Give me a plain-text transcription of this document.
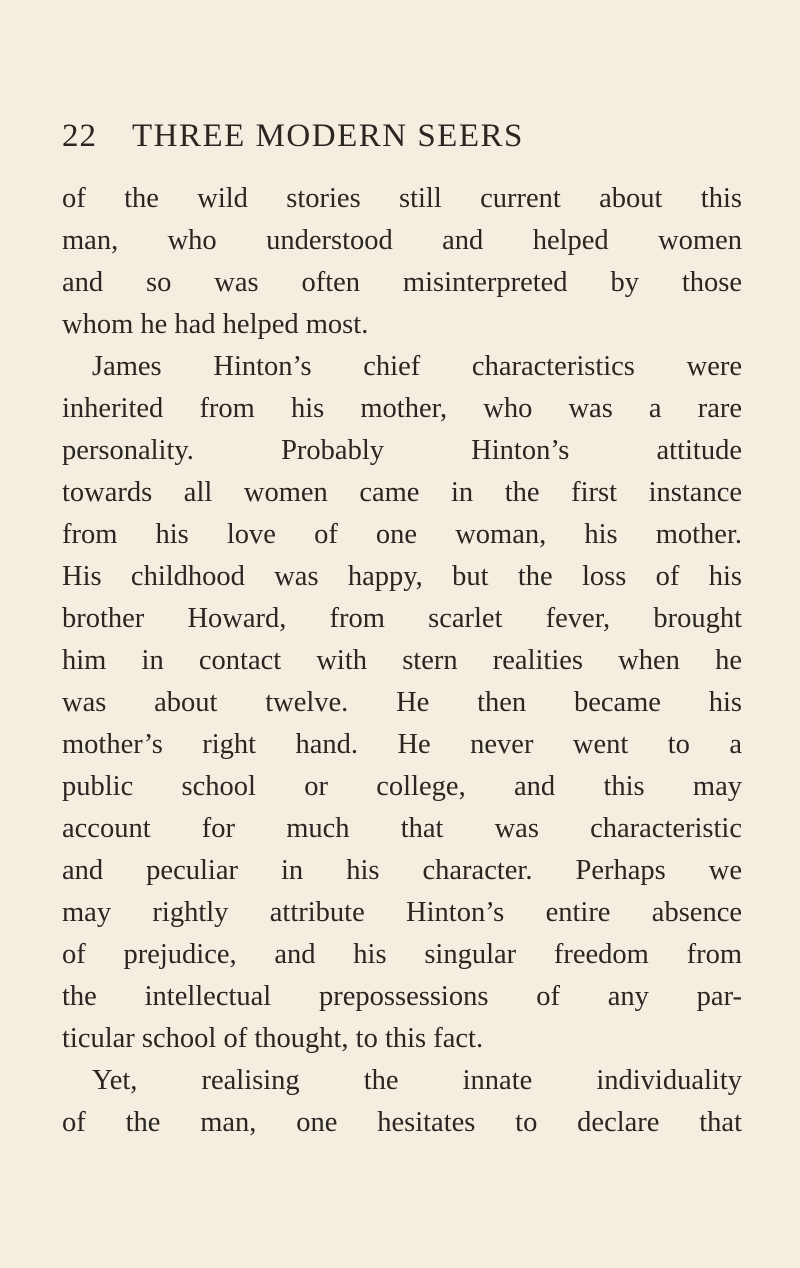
22	THREE MODERN SEERS
of the wild stories still current about this
man, who understood and helped women
and so was often misinterpreted by those
whom he had helped most.
James Hinton’s chief characteristics were
inherited from his mother, who was a rare
personality. Probably Hinton’s attitude
towards all women came in the first instance
from his love of one woman, his mother.
His childhood was happy, but the loss of his
brother Howard, from scarlet fever, brought
him in contact with stern realities when he
was about twelve. He then became his
mother’s right hand. He never went to a
public school or college, and this may
account for much that was characteristic
and peculiar in his character. Perhaps we
may rightly attribute Hinton’s entire absence
of prejudice, and his singular freedom from
the intellectual prepossessions of any par-
ticular school of thought, to this fact.
Yet, realising the innate individuality
of the man, one hesitates to declare that
